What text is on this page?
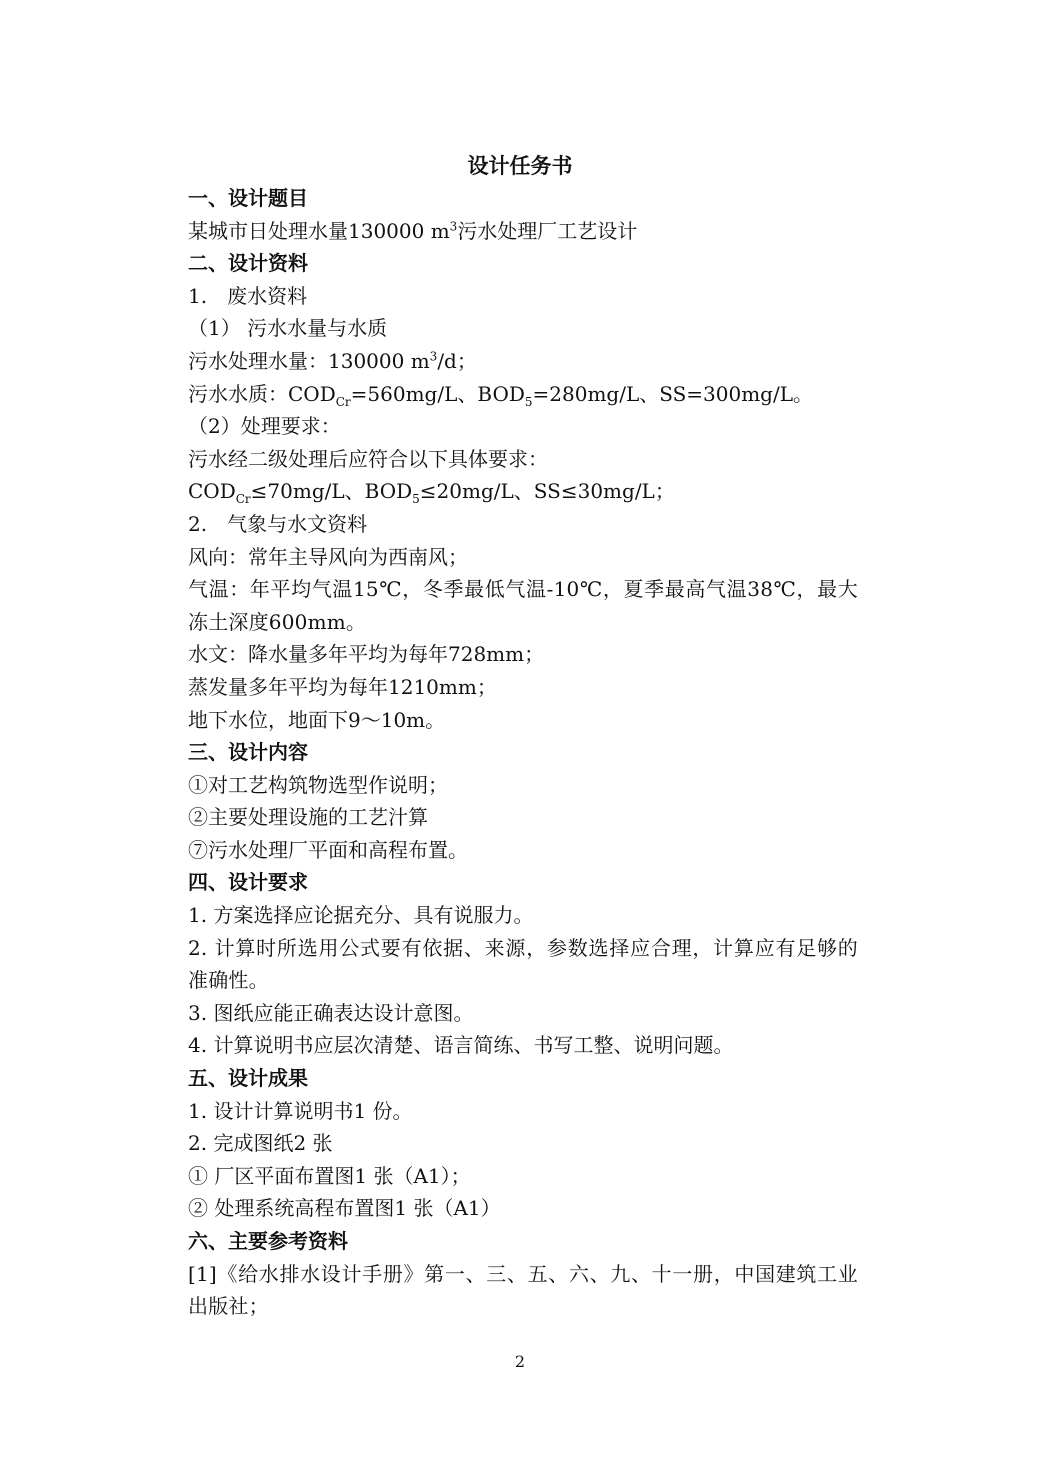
设计任务书
一、设计题目
某城市日处理水量130000 $m^3$污水处理厂工艺设计
二、设计资料
1.　废水资料
（1） 污水水量与水质
污水处理水量：130000 $m^3/d$；
污水水质：$COD_{Cr}=560mg/L$、$BOD_5=280mg/L$、SS=300mg/L。
（2）处理要求：
污水经二级处理后应符合以下具体要求：
$COD_{Cr}\le 70mg/L$、$BOD_5\le 20mg/L$、SS≤30mg/L；
2.　气象与水文资料
风向：常年主导风向为西南风；
气温：年平均气温15℃，冬季最低气温-10℃，夏季最高气温38℃，最大冻土深度600mm。
水文：降水量多年平均为每年728mm；
蒸发量多年平均为每年1210mm；
地下水位，地面下9～10m。
三、设计内容
①对工艺构筑物选型作说明；
②主要处理设施的工艺汁算
⑦污水处理厂平面和高程布置。
四、设计要求
1. 方案选择应论据充分、具有说服力。
2. 计算时所选用公式要有依据、来源，参数选择应合理，计算应有足够的准确性。
3. 图纸应能正确表达设计意图。
4. 计算说明书应层次清楚、语言简练、书写工整、说明问题。
五、设计成果
1. 设计计算说明书1 份。
2. 完成图纸2 张
① 厂区平面布置图1 张（A1）；
② 处理系统高程布置图1 张（A1）
六、主要参考资料
[1]《给水排水设计手册》第一、三、五、六、九、十一册，中国建筑工业出版社；
2
